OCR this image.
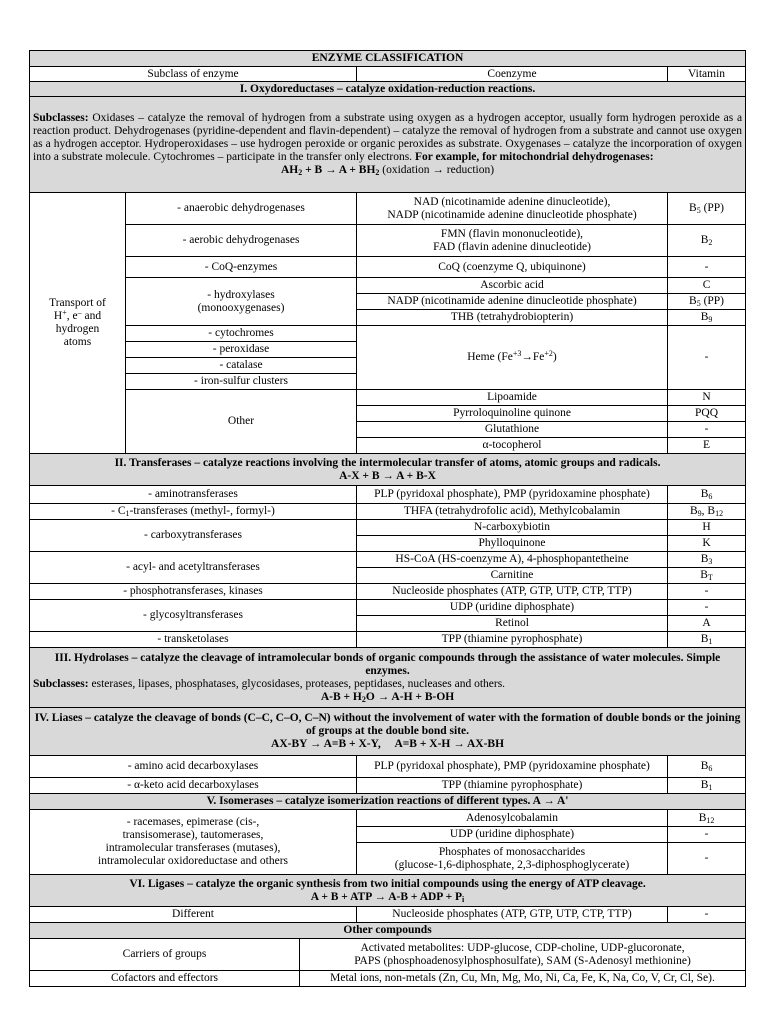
ENZYME CLASSIFICATION				
Subclass of enzyme			Coenzyme	Vitamin
I. Oxydoreductases – catalyze oxidation-reduction reactions.				

Subclasses: Oxidases – catalyze the removal of hydrogen from a substrate using oxygen as a hydrogen acceptor, usually form hydrogen peroxide as a reaction product. Dehydrogenases (pyridine-dependent and flavin-dependent) – catalyze the removal of hydrogen from a substrate and cannot use oxygen as a hydrogen acceptor. Hydroperoxidases – use hydrogen peroxide or organic peroxides as substrate. Oxygenases – catalyze the incorporation of oxygen into a substrate molecule. Cytochromes – participate in the transfer only electrons. For example, for mitochondrial dehydrogenases:
$AH_2 + B \to A + BH_2$ (oxidation → reduction)				

Transport of
H+, e– and
hydrogen
atoms	- anaerobic dehydrogenases		NAD (nicotinamide adenine dinucleotide),
NADP (nicotinamide adenine dinucleotide phosphate)	$B_5$ (PP)
	- aerobic dehydrogenases		FMN (flavin mononucleotide),
FAD (flavin adenine dinucleotide)	$B_2$
	- CoQ-enzymes		CoQ (coenzyme Q, ubiquinone)	-
	- hydroxylases
(monooxygenases)		Ascorbic acid	C
			NADP (nicotinamide adenine dinucleotide phosphate)	$B_5$ (PP)
			THB (tetrahydrobiopterin)	$B_9$
	- cytochromes		Heme $(Fe^{+3}\to Fe^{+2})$	-
	- peroxidase			
	- catalase			
	- iron-sulfur clusters			
	Other		Lipoamide	N
			Pyrroloquinoline quinone	PQQ
			Glutathione	-
			α-tocopherol	E
II. Transferases – catalyze reactions involving the intermolecular transfer of atoms, atomic groups and radicals.
A-X + B → A + B-X				
- aminotransferases			PLP (pyridoxal phosphate), PMP (pyridoxamine phosphate)	$B_6$
- $C_1$-transferases (methyl-, formyl-)			THFA (tetrahydrofolic acid), Methylcobalamin	$B_9$, $B_{12}$
- carboxytransferases			N-carboxybiotin	H
			Phylloquinone	K
- acyl- and acetyltransferases			HS-CoA (HS-coenzyme A), 4-phosphopantetheine	$B_3$
			Carnitine	$B_T$
- phosphotransferases, kinases			Nucleoside phosphates (ATP, GTP, UTP, CTP, TTP)	-
- glycosyltransferases			UDP (uridine diphosphate)	-
			Retinol	A
- transketolases			TPP (thiamine pyrophosphate)	$B_1$

III. Hydrolases – catalyze the cleavage of intramolecular bonds of organic compounds through the assistance of water molecules. Simple enzymes.
Subclasses: esterases, lipases, phosphatases, glycosidases, proteases, peptidases, nucleases and others.
$A-B + H_2O \to A-H + B-OH$				

IV. Liases – catalyze the cleavage of bonds (C–C, C–O, C–N) without the involvement of water with the formation of double bonds or the joining of groups at the double bond site.
AX-BY → A=B + X-Y,     A=B + X-H → AX-BH				
- amino acid decarboxylases			PLP (pyridoxal phosphate), PMP (pyridoxamine phosphate)	$B_6$
- α-keto acid decarboxylases			TPP (thiamine pyrophosphate)	$B_1$
V. Isomerases – catalyze isomerization reactions of different types. A → A'				
- racemases, epimerase (cis-,
transisomerase), tautomerases,
intramolecular transferases (mutases),
intramolecular oxidoreductase and others			Adenosylcobalamin	$B_{12}$
			UDP (uridine diphosphate)	-
			Phosphates of monosaccharides
(glucose-1,6-diphosphate, 2,3-diphosphoglycerate)	-
VI. Ligases – catalyze the organic synthesis from two initial compounds using the energy of ATP cleavage.
A + B + ATP → A-B + ADP + $P_i$
Different			Nucleoside phosphates (ATP, GTP, UTP, CTP, TTP)	-
Other compounds				
Carriers of groups		Activated metabolites: UDP-glucose, CDP-choline, UDP-glucoronate,
PAPS (phosphoadenosylphosphosulfate), SAM (S-Adenosyl methionine)		
Cofactors and effectors		Metal ions, non-metals (Zn, Cu, Mn, Mg, Mo, Ni, Ca, Fe, K, Na, Co, V, Cr, Cl, Se).		
